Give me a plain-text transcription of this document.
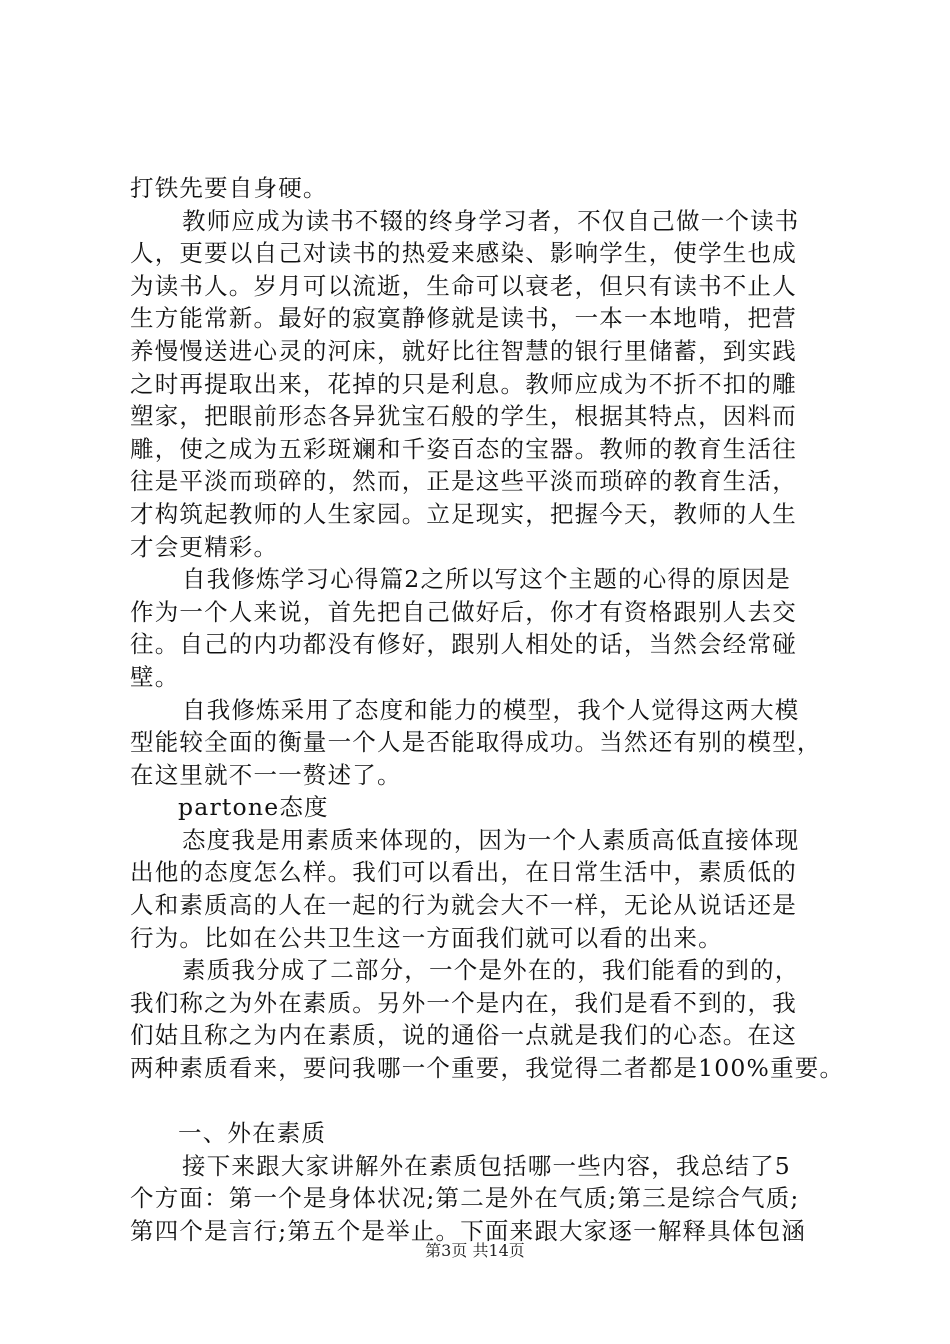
打铁先要自身硬。
教师应成为读书不辍的终身学习者，不仅自己做一个读书
人，更要以自己对读书的热爱来感染、影响学生，使学生也成
为读书人。岁月可以流逝，生命可以衰老，但只有读书不止人
生方能常新。最好的寂寞静修就是读书，一本一本地啃，把营
养慢慢送进心灵的河床，就好比往智慧的银行里储蓄，到实践
之时再提取出来，花掉的只是利息。教师应成为不折不扣的雕
塑家，把眼前形态各异犹宝石般的学生，根据其特点，因料而
雕，使之成为五彩斑斓和千姿百态的宝器。教师的教育生活往
往是平淡而琐碎的，然而，正是这些平淡而琐碎的教育生活，
才构筑起教师的人生家园。立足现实，把握今天，教师的人生
才会更精彩。
自我修炼学习心得篇2之所以写这个主题的心得的原因是
作为一个人来说，首先把自己做好后，你才有资格跟别人去交
往。自己的内功都没有修好，跟别人相处的话，当然会经常碰
壁。
自我修炼采用了态度和能力的模型，我个人觉得这两大模
型能较全面的衡量一个人是否能取得成功。当然还有别的模型，
在这里就不一一赘述了。
partone态度
态度我是用素质来体现的，因为一个人素质高低直接体现
出他的态度怎么样。我们可以看出，在日常生活中，素质低的
人和素质高的人在一起的行为就会大不一样，无论从说话还是
行为。比如在公共卫生这一方面我们就可以看的出来。
素质我分成了二部分，一个是外在的，我们能看的到的，
我们称之为外在素质。另外一个是内在，我们是看不到的，我
们姑且称之为内在素质，说的通俗一点就是我们的心态。在这
两种素质看来，要问我哪一个重要，我觉得二者都是100%重要。
一、外在素质
接下来跟大家讲解外在素质包括哪一些内容，我总结了5
个方面：第一个是身体状况;第二是外在气质;第三是综合气质;
第四个是言行;第五个是举止。下面来跟大家逐一解释具体包涵
第3页 共14页
